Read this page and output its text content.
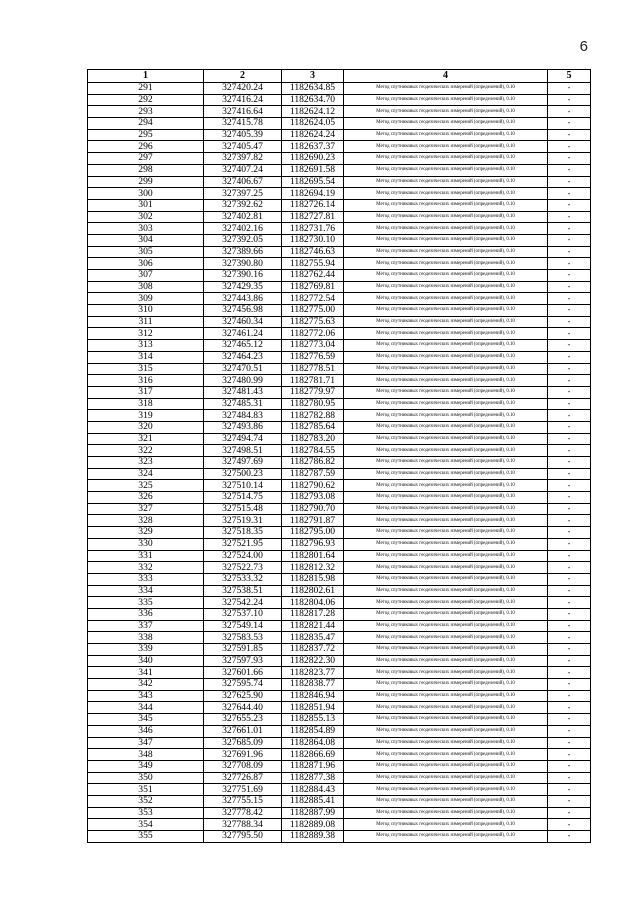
6
1	2	3	4	5
291	327420.24	1182634.85	Метод спутниковых геодезических измерений (определений), 0.10	-
292	327416.24	1182634.70	Метод спутниковых геодезических измерений (определений), 0.10	-
293	327416.64	1182624.12	Метод спутниковых геодезических измерений (определений), 0.10	-
294	327415.78	1182624.05	Метод спутниковых геодезических измерений (определений), 0.10	-
295	327405.39	1182624.24	Метод спутниковых геодезических измерений (определений), 0.10	-
296	327405.47	1182637.37	Метод спутниковых геодезических измерений (определений), 0.10	-
297	327397.82	1182690.23	Метод спутниковых геодезических измерений (определений), 0.10	-
298	327407.24	1182691.58	Метод спутниковых геодезических измерений (определений), 0.10	-
299	327406.67	1182695.54	Метод спутниковых геодезических измерений (определений), 0.10	-
300	327397.25	1182694.19	Метод спутниковых геодезических измерений (определений), 0.10	-
301	327392.62	1182726.14	Метод спутниковых геодезических измерений (определений), 0.10	-
302	327402.81	1182727.81	Метод спутниковых геодезических измерений (определений), 0.10	-
303	327402.16	1182731.76	Метод спутниковых геодезических измерений (определений), 0.10	-
304	327392.05	1182730.10	Метод спутниковых геодезических измерений (определений), 0.10	-
305	327389.66	1182746.63	Метод спутниковых геодезических измерений (определений), 0.10	-
306	327390.80	1182755.94	Метод спутниковых геодезических измерений (определений), 0.10	-
307	327390.16	1182762.44	Метод спутниковых геодезических измерений (определений), 0.10	-
308	327429.35	1182769.81	Метод спутниковых геодезических измерений (определений), 0.10	-
309	327443.86	1182772.54	Метод спутниковых геодезических измерений (определений), 0.10	-
310	327456.98	1182775.00	Метод спутниковых геодезических измерений (определений), 0.10	-
311	327460.34	1182775.63	Метод спутниковых геодезических измерений (определений), 0.10	-
312	327461.24	1182772.06	Метод спутниковых геодезических измерений (определений), 0.10	-
313	327465.12	1182773.04	Метод спутниковых геодезических измерений (определений), 0.10	-
314	327464.23	1182776.59	Метод спутниковых геодезических измерений (определений), 0.10	-
315	327470.51	1182778.51	Метод спутниковых геодезических измерений (определений), 0.10	-
316	327480.99	1182781.71	Метод спутниковых геодезических измерений (определений), 0.10	-
317	327481.43	1182779.97	Метод спутниковых геодезических измерений (определений), 0.10	-
318	327485.31	1182780.95	Метод спутниковых геодезических измерений (определений), 0.10	-
319	327484.83	1182782.88	Метод спутниковых геодезических измерений (определений), 0.10	-
320	327493.86	1182785.64	Метод спутниковых геодезических измерений (определений), 0.10	-
321	327494.74	1182783.20	Метод спутниковых геодезических измерений (определений), 0.10	-
322	327498.51	1182784.55	Метод спутниковых геодезических измерений (определений), 0.10	-
323	327497.69	1182786.82	Метод спутниковых геодезических измерений (определений), 0.10	-
324	327500.23	1182787.59	Метод спутниковых геодезических измерений (определений), 0.10	-
325	327510.14	1182790.62	Метод спутниковых геодезических измерений (определений), 0.10	-
326	327514.75	1182793.08	Метод спутниковых геодезических измерений (определений), 0.10	-
327	327515.48	1182790.70	Метод спутниковых геодезических измерений (определений), 0.10	-
328	327519.31	1182791.87	Метод спутниковых геодезических измерений (определений), 0.10	-
329	327518.35	1182795.00	Метод спутниковых геодезических измерений (определений), 0.10	-
330	327521.95	1182796.93	Метод спутниковых геодезических измерений (определений), 0.10	-
331	327524.00	1182801.64	Метод спутниковых геодезических измерений (определений), 0.10	-
332	327522.73	1182812.32	Метод спутниковых геодезических измерений (определений), 0.10	-
333	327533.32	1182815.98	Метод спутниковых геодезических измерений (определений), 0.10	-
334	327538.51	1182802.61	Метод спутниковых геодезических измерений (определений), 0.10	-
335	327542.24	1182804.06	Метод спутниковых геодезических измерений (определений), 0.10	-
336	327537.10	1182817.28	Метод спутниковых геодезических измерений (определений), 0.10	-
337	327549.14	1182821.44	Метод спутниковых геодезических измерений (определений), 0.10	-
338	327583.53	1182835.47	Метод спутниковых геодезических измерений (определений), 0.10	-
339	327591.85	1182837.72	Метод спутниковых геодезических измерений (определений), 0.10	-
340	327597.93	1182822.30	Метод спутниковых геодезических измерений (определений), 0.10	-
341	327601.66	1182823.77	Метод спутниковых геодезических измерений (определений), 0.10	-
342	327595.74	1182838.77	Метод спутниковых геодезических измерений (определений), 0.10	-
343	327625.90	1182846.94	Метод спутниковых геодезических измерений (определений), 0.10	-
344	327644.40	1182851.94	Метод спутниковых геодезических измерений (определений), 0.10	-
345	327655.23	1182855.13	Метод спутниковых геодезических измерений (определений), 0.10	-
346	327661.01	1182854.89	Метод спутниковых геодезических измерений (определений), 0.10	-
347	327685.09	1182864.08	Метод спутниковых геодезических измерений (определений), 0.10	-
348	327691.96	1182866.69	Метод спутниковых геодезических измерений (определений), 0.10	-
349	327708.09	1182871.96	Метод спутниковых геодезических измерений (определений), 0.10	-
350	327726.87	1182877.38	Метод спутниковых геодезических измерений (определений), 0.10	-
351	327751.69	1182884.43	Метод спутниковых геодезических измерений (определений), 0.10	-
352	327755.15	1182885.41	Метод спутниковых геодезических измерений (определений), 0.10	-
353	327778.42	1182887.99	Метод спутниковых геодезических измерений (определений), 0.10	-
354	327788.34	1182889.08	Метод спутниковых геодезических измерений (определений), 0.10	-
355	327795.50	1182889.38	Метод спутниковых геодезических измерений (определений), 0.10	-
